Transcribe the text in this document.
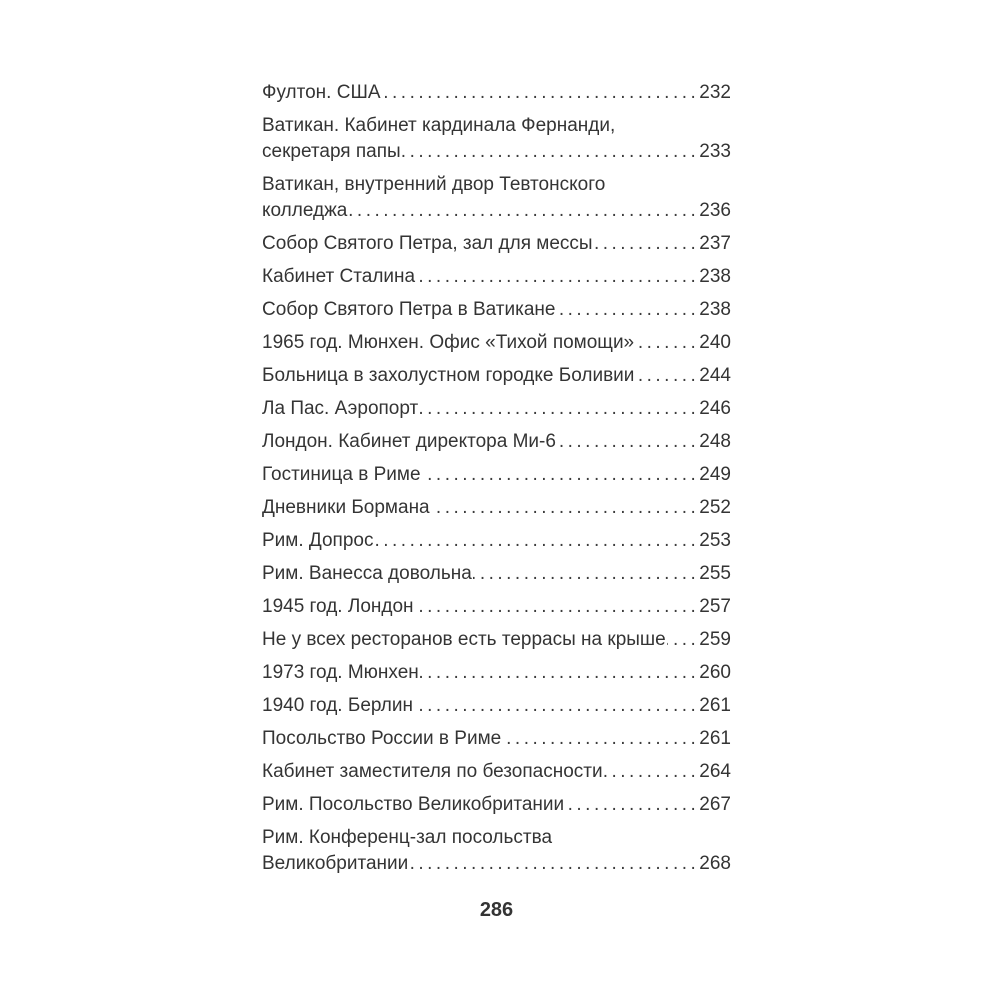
Фултон. США .....	232
Ватикан. Кабинет кардинала Фернанди,
секретаря папы .....	233
Ватикан, внутренний двор Тевтонского
колледжа .....	236
Собор Святого Петра, зал для мессы .....	237
Кабинет Сталина .....	238
Собор Святого Петра в Ватикане .....	238
1965 год. Мюнхен. Офис «Тихой помощи» .....	240
Больница в захолустном городке Боливии .....	244
Ла Пас. Аэропорт .....	246
Лондон. Кабинет директора Ми-6 .....	248
Гостиница в Риме .....	249
Дневники Бормана .....	252
Рим. Допрос .....	253
Рим. Ванесса довольна .....	255
1945 год. Лондон .....	257
Не у всех ресторанов есть террасы на крыше ..... 259
1973 год. Мюнхен .....	260
1940 год. Берлин .....	261
Посольство России в Риме .....	261
Кабинет заместителя по безопасности .....	264
Рим. Посольство Великобритании .....	267
Рим. Конференц-зал посольства
Великобритании .....	268
286
